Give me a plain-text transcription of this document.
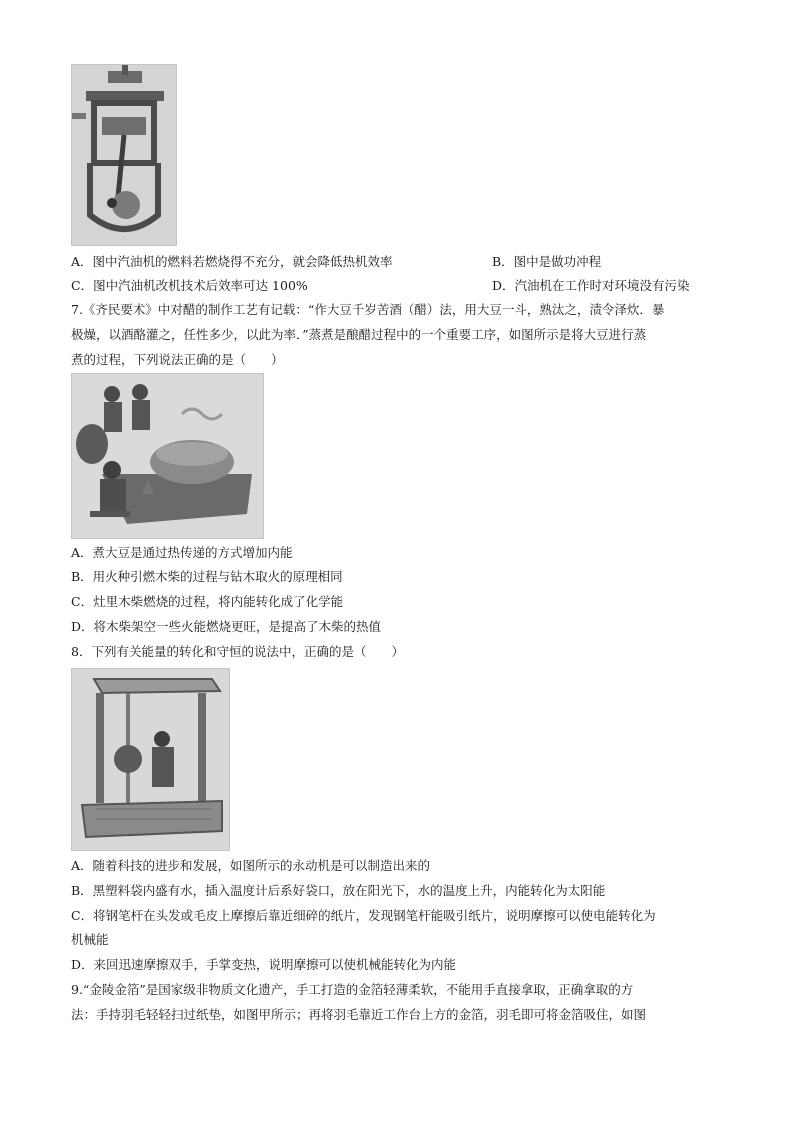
A．图中汽油机的燃料若燃烧得不充分，就会降低热机效率	B．图中是做功冲程
C．图中汽油机改机技术后效率可达 100%	D．汽油机在工作时对环境没有污染
7.《齐民要术》中对醋的制作工艺有记载：“作大豆千岁苦酒（醋）法，用大豆一斗，熟汰之，渍令泽炊．暴
极燥，以酒酪灌之，任性多少，以此为率．”蒸煮是酿醋过程中的一个重要工序，如图所示是将大豆进行蒸
煮的过程，下列说法正确的是（　　）
A．煮大豆是通过热传递的方式增加内能
B．用火种引燃木柴的过程与钻木取火的原理相同
C．灶里木柴燃烧的过程，将内能转化成了化学能
D．将木柴架空一些火能燃烧更旺，是提高了木柴的热值
8．下列有关能量的转化和守恒的说法中，正确的是（　　）
A．随着科技的进步和发展，如图所示的永动机是可以制造出来的
B．黑塑料袋内盛有水，插入温度计后系好袋口，放在阳光下，水的温度上升，内能转化为太阳能
C．将钢笔杆在头发或毛皮上摩擦后靠近细碎的纸片，发现钢笔杆能吸引纸片，说明摩擦可以使电能转化为
机械能
D．来回迅速摩擦双手，手掌变热，说明摩擦可以使机械能转化为内能
9.“金陵金箔”是国家级非物质文化遗产，手工打造的金箔轻薄柔软，不能用手直接拿取，正确拿取的方
法：手持羽毛轻轻扫过纸垫，如图甲所示；再将羽毛靠近工作台上方的金箔，羽毛即可将金箔吸住，如图
